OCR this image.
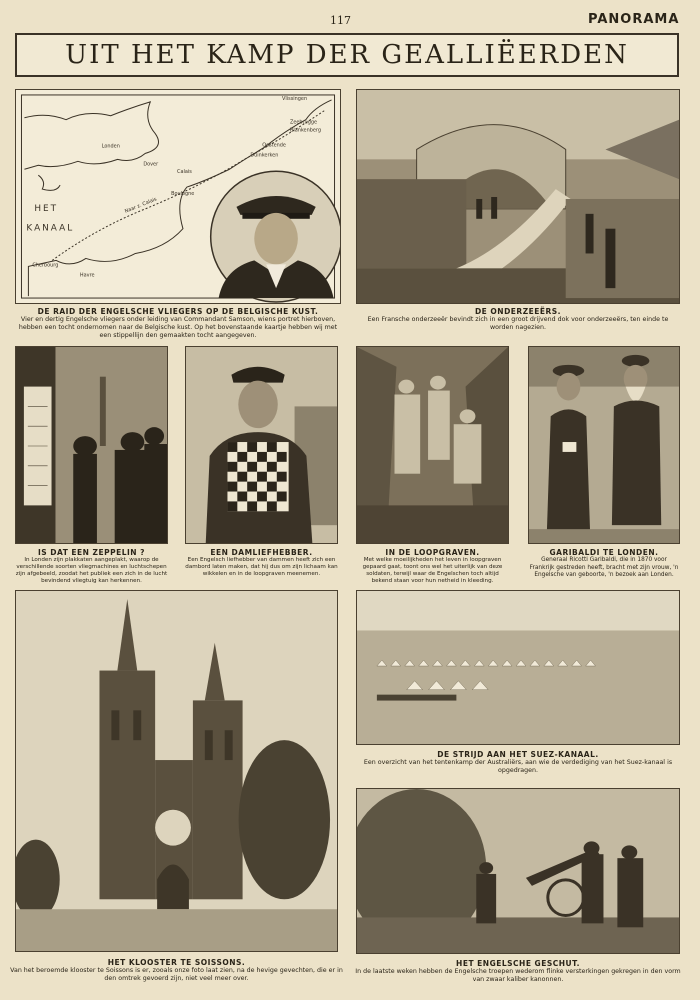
117	PANORAMA
UIT HET KAMP DER GEALLIËERDEN
Vlissingen
Zeebrugge
Blankenberg
Londen	Oostende
Duinkerken
Dover
Calais
Boulogne
Naar z. Calais
HET
KANAAL
Cherbourg
Havre
DE RAID DER ENGELSCHE VLIEGERS OP DE BELGISCHE KUST.
Vier en dertig Engelsche vliegers onder leiding van Commandant Samson, wiens portret hierboven, hebben een tocht ondernomen naar de Belgische kust. Op het bovenstaande kaartje hebben wij met een stippellijn den gemaakten tocht aangegeven.
DE ONDERZEEËRS.
Een Fransche onderzeeër bevindt zich in een groot drijvend dok voor onderzeeërs, ten einde te worden nagezien.
IS DAT EEN ZEPPELIN ?
In Londen zijn plakkaten aangeplakt, waarop de verschillende soorten vliegmachines en luchtschepen zijn afgebeeld, zoodat het publiek een zich in de lucht bevindend vliegtuig kan herkennen.
EEN DAMLIEFHEBBER.
Een Engelsch liefhebber van dammen heeft zich een dambord laten maken, dat hij dus om zijn lichaam kan wikkelen en in de loopgraven meenemen.
IN DE LOOPGRAVEN.
Met welke moeilijkheden het leven in loopgraven gepaard gaat, toont ons wel het uiterlijk van deze soldaten, terwijl waar de Engelschen toch altijd bekend staan voor hun netheid in kleeding.
GARIBALDI TE LONDEN.
Generaal Ricotti Garibaldi, die in 1870 voor Frankrijk gestreden heeft, bracht met zijn vrouw, 'n Engelsche van geboorte, 'n bezoek aan Londen.
HET KLOOSTER TE SOISSONS.
Van het beroemde klooster te Soissons is er, zooals onze foto laat zien, na de hevige gevechten, die er in den omtrek gevoerd zijn, niet veel meer over.
DE STRIJD AAN HET SUEZ-KANAAL.
Een overzicht van het tentenkamp der Australiërs, aan wie de verdediging van het Suez-kanaal is opgedragen.
HET ENGELSCHE GESCHUT.
In de laatste weken hebben de Engelsche troepen wederom flinke versterkingen gekregen in den vorm van zwaar kaliber kanonnen.
